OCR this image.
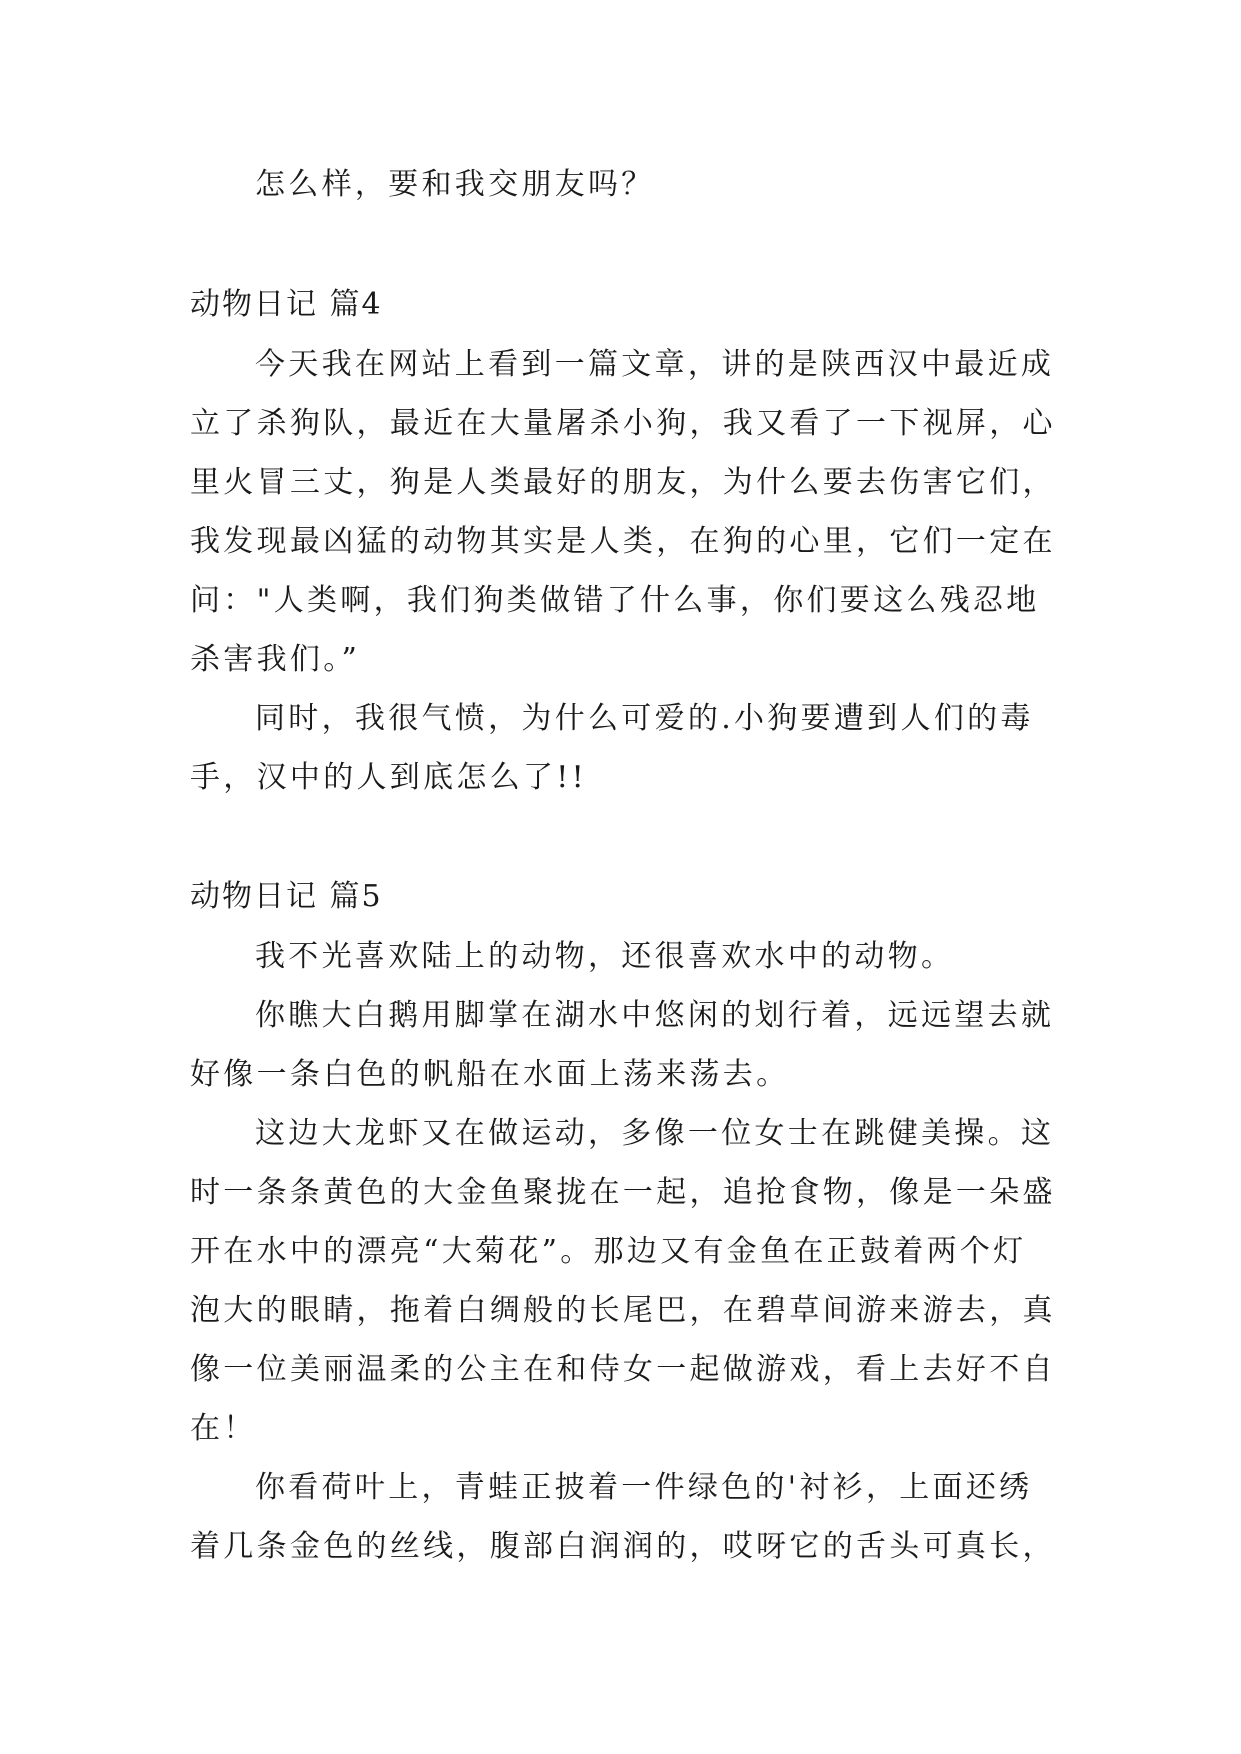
怎么样，要和我交朋友吗？
动物日记 篇4
今天我在网站上看到一篇文章，讲的是陕西汉中最近成
立了杀狗队，最近在大量屠杀小狗，我又看了一下视屏，心
里火冒三丈，狗是人类最好的朋友，为什么要去伤害它们，
我发现最凶猛的动物其实是人类，在狗的心里，它们一定在
问："人类啊，我们狗类做错了什么事，你们要这么残忍地
杀害我们。”
同时，我很气愤，为什么可爱的.小狗要遭到人们的毒
手，汉中的人到底怎么了!!
动物日记 篇5
我不光喜欢陆上的动物，还很喜欢水中的动物。
你瞧大白鹅用脚掌在湖水中悠闲的划行着，远远望去就
好像一条白色的帆船在水面上荡来荡去。
这边大龙虾又在做运动，多像一位女士在跳健美操。这
时一条条黄色的大金鱼聚拢在一起，追抢食物，像是一朵盛
开在水中的漂亮“大菊花”。那边又有金鱼在正鼓着两个灯
泡大的眼睛，拖着白绸般的长尾巴，在碧草间游来游去，真
像一位美丽温柔的公主在和侍女一起做游戏，看上去好不自
在！
你看荷叶上，青蛙正披着一件绿色的'衬衫，上面还绣
着几条金色的丝线，腹部白润润的，哎呀它的舌头可真长，
